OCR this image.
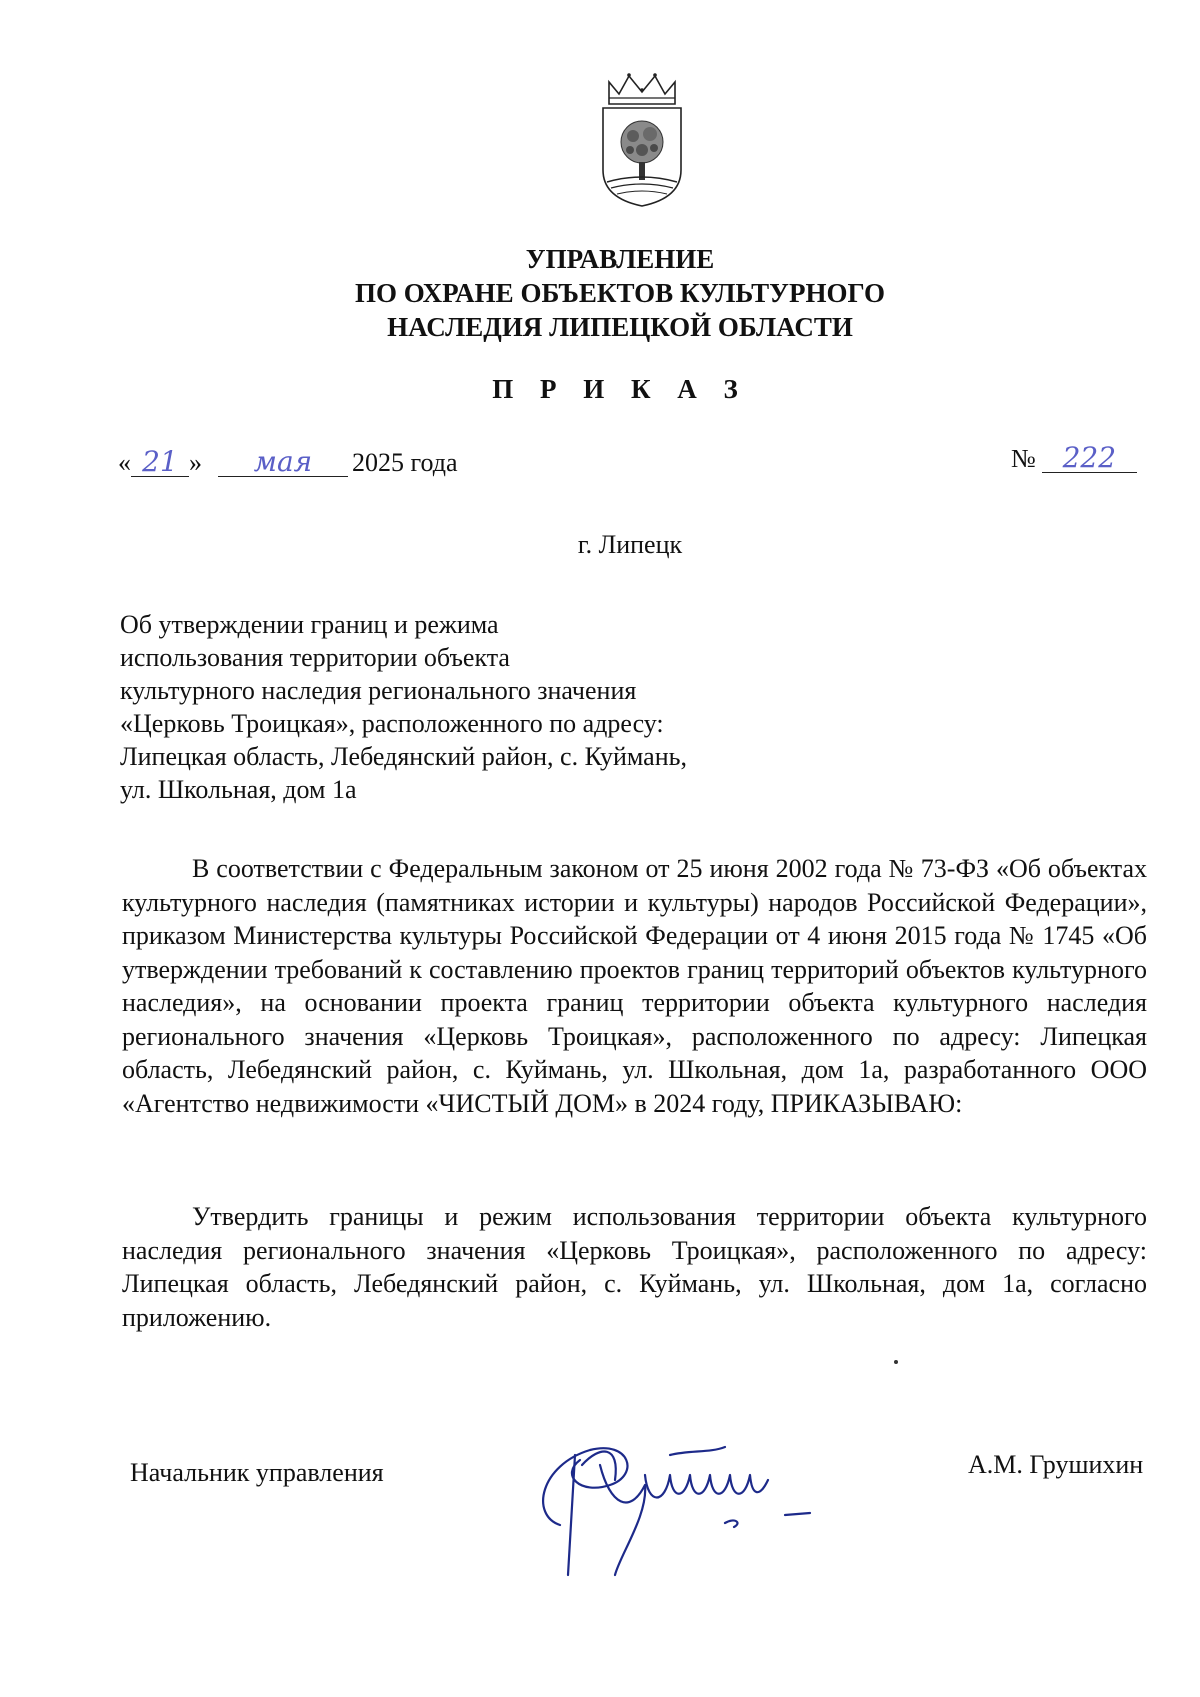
УПРАВЛЕНИЕ
ПО ОХРАНЕ ОБЪЕКТОВ КУЛЬТУРНОГО
НАСЛЕДИЯ ЛИПЕЦКОЙ ОБЛАСТИ
П Р И К А З
« 21 » мая 2025 года	№ 222
г. Липецк
Об утверждении границ и режима
использования территории объекта
культурного наследия регионального значения
«Церковь Троицкая», расположенного по адресу:
Липецкая область, Лебедянский район, с. Куймань,
ул. Школьная, дом 1а

В соответствии с Федеральным законом от 25 июня 2002 года № 73-ФЗ «Об объектах культурного наследия (памятниках истории и культуры) народов Российской Федерации», приказом Министерства культуры Российской Федерации от 4 июня 2015 года № 1745 «Об утверждении требований к составлению проектов границ территорий объектов культурного наследия», на основании проекта границ территории объекта культурного наследия регионального значения «Церковь Троицкая», расположенного по адресу: Липецкая область, Лебедянский район, с. Куймань, ул. Школьная, дом 1а, разработанного ООО «Агентство недвижимости «ЧИСТЫЙ ДОМ» в 2024 году, ПРИКАЗЫВАЮ:

Утвердить границы и режим использования территории объекта культурного наследия регионального значения «Церковь Троицкая», расположенного по адресу: Липецкая область, Лебедянский район, с. Куймань, ул. Школьная, дом 1а, согласно приложению.

Начальник управления	А.М. Грушихин
